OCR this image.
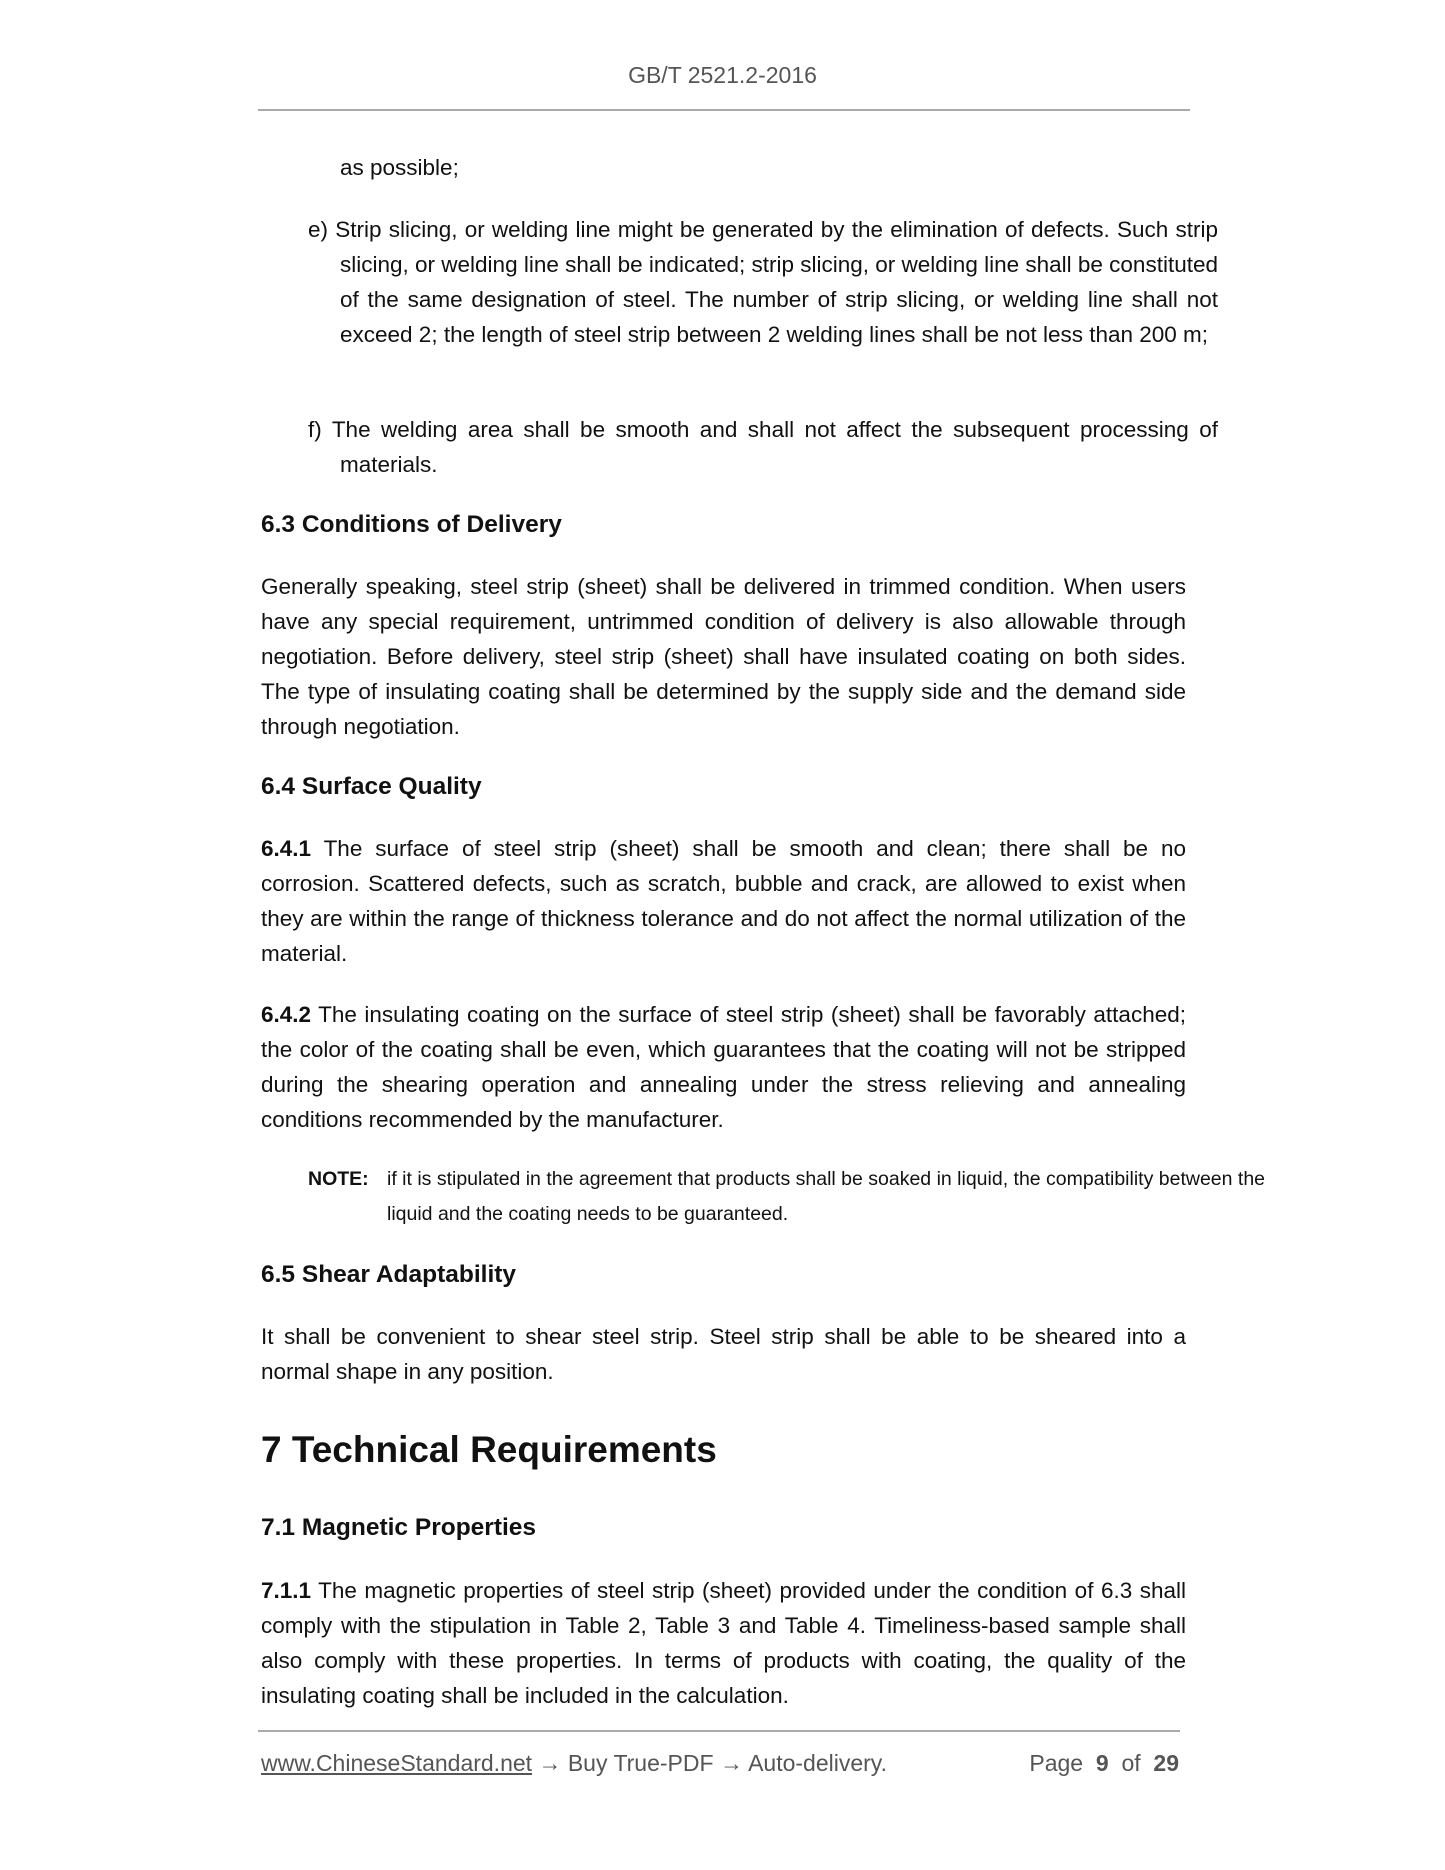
GB/T 2521.2-2016
as possible;
e) Strip slicing, or welding line might be generated by the elimination of defects. Such strip slicing, or welding line shall be indicated; strip slicing, or welding line shall be constituted of the same designation of steel. The number of strip slicing, or welding line shall not exceed 2; the length of steel strip between 2 welding lines shall be not less than 200 m;
f) The welding area shall be smooth and shall not affect the subsequent processing of materials.
6.3 Conditions of Delivery
Generally speaking, steel strip (sheet) shall be delivered in trimmed condition. When users have any special requirement, untrimmed condition of delivery is also allowable through negotiation. Before delivery, steel strip (sheet) shall have insulated coating on both sides. The type of insulating coating shall be determined by the supply side and the demand side through negotiation.
6.4 Surface Quality
6.4.1 The surface of steel strip (sheet) shall be smooth and clean; there shall be no corrosion. Scattered defects, such as scratch, bubble and crack, are allowed to exist when they are within the range of thickness tolerance and do not affect the normal utilization of the material.
6.4.2 The insulating coating on the surface of steel strip (sheet) shall be favorably attached; the color of the coating shall be even, which guarantees that the coating will not be stripped during the shearing operation and annealing under the stress relieving and annealing conditions recommended by the manufacturer.
NOTE: if it is stipulated in the agreement that products shall be soaked in liquid, the compatibility between the liquid and the coating needs to be guaranteed.
6.5 Shear Adaptability
It shall be convenient to shear steel strip. Steel strip shall be able to be sheared into a normal shape in any position.
7 Technical Requirements
7.1 Magnetic Properties
7.1.1 The magnetic properties of steel strip (sheet) provided under the condition of 6.3 shall comply with the stipulation in Table 2, Table 3 and Table 4. Timeliness-based sample shall also comply with these properties. In terms of products with coating, the quality of the insulating coating shall be included in the calculation.
www.ChineseStandard.net → Buy True-PDF → Auto-delivery.	Page 9 of 29
